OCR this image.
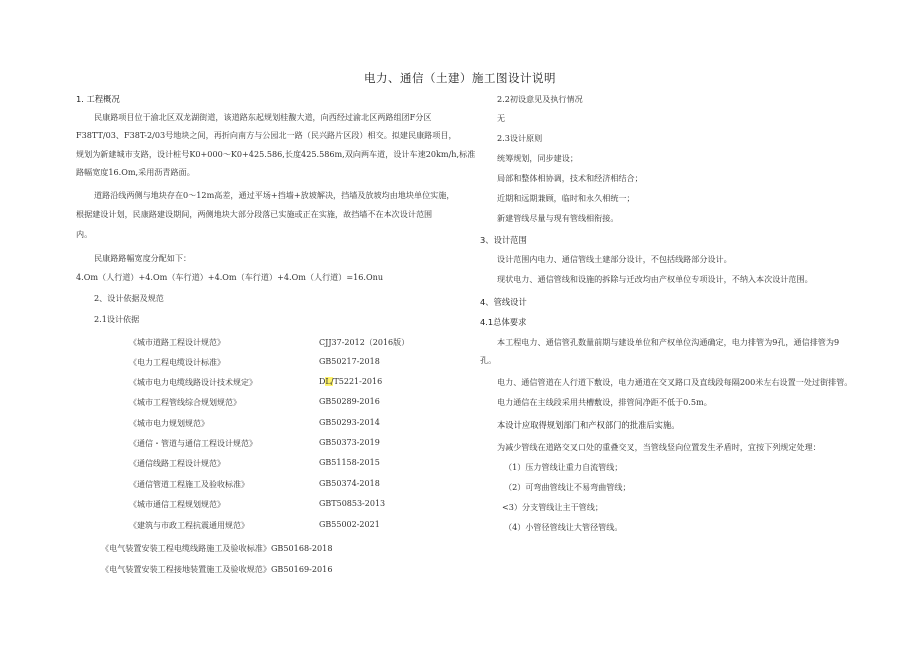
电力、通信（土建）施工图设计说明
1. 工程概况
民康路项目位于渝北区双龙湖街道，该道路东起规划桂馥大道，向西经过渝北区两路组团F分区
F38TT/03、F38T-2/03号地块之间，再折向南方与公园北一路（民兴路片区段）相交。拟建民康路项目，
规划为新建城市支路，设计桩号K0+000～K0+425.586,长度425.586m,双向两车道，设计车速20km/h,标准
路幅宽度16.Om,采用沥青路面。
道路沿线两侧与地块存在0～12m高差，通过平场+挡墙+放坡解决，挡墙及放坡均由地块单位实施，
根据建设计划，民康路建设期间，两侧地块大部分段落已实施或正在实施，故挡墙不在本次设计范围
内。
民康路路幅宽度分配如下：
4.Om（人行道）+4.Om（车行道）+4.Om（车行道）+4.Om（人行道）=16.Onu
2、设计依据及规范
2.1设计依据
《城市道路工程设计规范》	CJJ37-2012（2016版）
《电力工程电缆设计标准》	GB50217-2018
《城市电力电缆线路设计技术规定》	DL/T5221-2016
《城市工程管线综合规划规范》	GB50289-2016
《城市电力规划规范》	GB50293-2014
《通信・管道与通信工程设计规范》	GB50373-2019
《通信线路工程设计规范》	GB51158-2015
《通信管道工程施工及验收标准》	GB50374-2018
《城市通信工程规划规范》	GBT50853-2013
《建筑与市政工程抗震通用规范》	GB55002-2021
《电气装置安装工程电缆线路施工及验收标准》GB50168-2018
《电气装置安装工程接地装置施工及验收规范》GB50169-2016
2.2初设意见及执行情况
无
2.3设计原则
统筹规划，同步建设；
局部和整体相协调，技术和经济相结合；
近期和远期兼顾，临时和永久相统一；
新建管线尽量与现有管线相衔接。
3、设计范围
设计范围内电力、通信管线土建部分设计，不包括线路部分设计。
现状电力、通信管线和设施的拆除与迁改均由产权单位专项设计，不纳入本次设计范围。
4、管线设计
4.1总体要求
本工程电力、通信管孔数量前期与建设单位和产权单位沟通确定，电力排管为9孔，通信排管为9
孔。
电力、通信管道在人行道下敷设，电力通道在交叉路口及直线段每隔200米左右设置一处过街排管。
电力通信在主线段采用共槽敷设，排管间净距不低于0.5m。
本设计应取得规划部门和产权部门的批准后实施。
为减少管线在道路交叉口处的重叠交叉，当管线竖向位置发生矛盾时，宜按下列规定处理：
（1）压力管线让重力自流管线；
（2）可弯曲管线让不易弯曲管线；
<3）分支管线让主干管线；
（4）小管径管线让大管径管线。
